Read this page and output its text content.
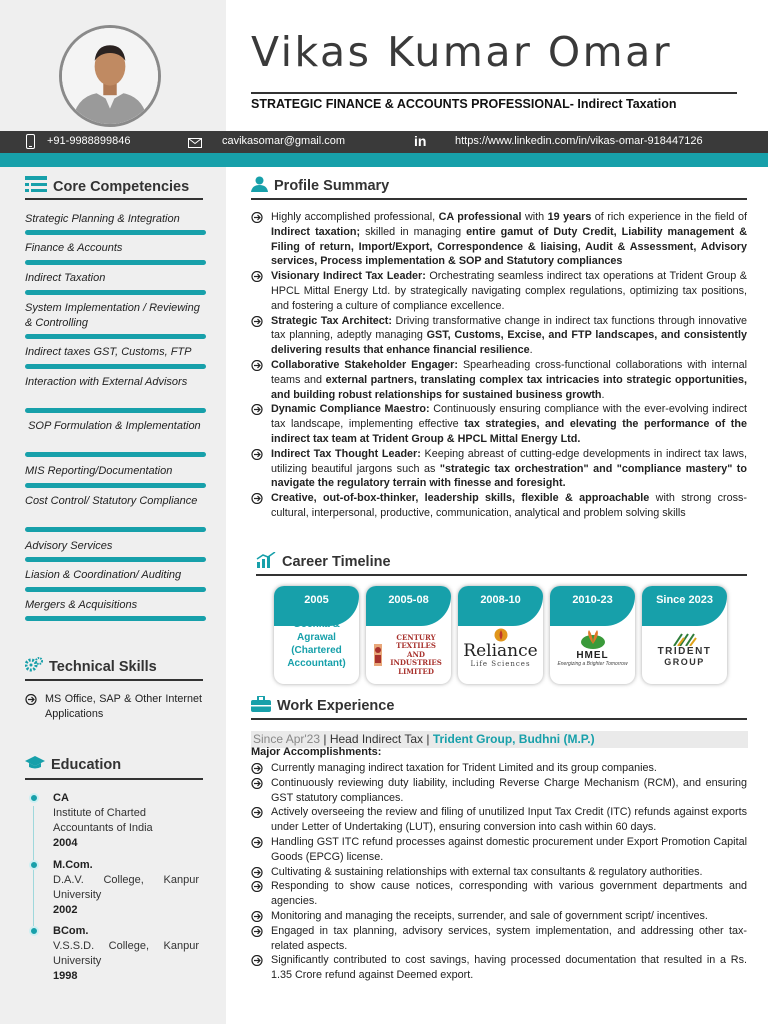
Vikas Kumar Omar
STRATEGIC FINANCE & ACCOUNTS PROFESSIONAL- Indirect Taxation
+91-9988899846	cavikasomar@gmail.com	in	https://www.linkedin.com/in/vikas-omar-918447126
Core Competencies
Strategic Planning & Integration
Finance & Accounts
Indirect Taxation
System Implementation / Reviewing & Controlling
Indirect taxes GST, Customs, FTP
Interaction with External Advisors
SOP Formulation & Implementation
MIS Reporting/Documentation
Cost Control/ Statutory Compliance
Advisory Services
Liasion & Coordination/ Auditing
Mergers & Acquisitions
Technical Skills
MS Office, SAP & Other Internet Applications
Education
CA
Institute of Charted Accountants of India
2004
M.Com.
D.A.V. College, Kanpur University
2002
BCom.
V.S.S.D. College, Kanpur University
1998
Profile Summary
Highly accomplished professional, CA professional with 19 years of rich experience in the field of Indirect taxation; skilled in managing entire gamut of Duty Credit, Liability management & Filing of return, Import/Export, Correspondence & liaising, Audit & Assessment, Advisory services, Process implementation & SOP and Statutory compliances
Visionary Indirect Tax Leader: Orchestrating seamless indirect tax operations at Trident Group & HPCL Mittal Energy Ltd. by strategically navigating complex regulations, optimizing tax positions, and fostering a culture of compliance excellence.
Strategic Tax Architect: Driving transformative change in indirect tax functions through innovative tax planning, adeptly managing GST, Customs, Excise, and FTP landscapes, and consistently delivering results that enhance financial resilience.
Collaborative Stakeholder Engager: Spearheading cross-functional collaborations with internal teams and external partners, translating complex tax intricacies into strategic opportunities, and building robust relationships for sustained business growth.
Dynamic Compliance Maestro: Continuously ensuring compliance with the ever-evolving indirect tax landscape, implementing effective tax strategies, and elevating the performance of the indirect tax team at Trident Group & HPCL Mittal Energy Ltd.
Indirect Tax Thought Leader: Keeping abreast of cutting-edge developments in indirect tax laws, utilizing beautiful jargons such as "strategic tax orchestration" and "compliance mastery" to navigate the regulatory terrain with finesse and foresight.
Creative, out-of-box-thinker, leadership skills, flexible & approachable with strong cross-cultural, interpersonal, productive, communication, analytical and problem solving skills
Career Timeline
2005
Goenka & Agrawal (Chartered Accountant)
2005-08
CENTURY TEXTILES AND INDUSTRIES LIMITED
2008-10
Reliance
Life Sciences
2010-23
HMEL
Energizing a Brighter Tomorrow
Since 2023
TRIDENT
GROUP
Work Experience
Since Apr'23 | Head Indirect Tax | Trident Group, Budhni (M.P.)
Major Accomplishments:
Currently managing indirect taxation for Trident Limited and its group companies.
Continuously reviewing duty liability, including Reverse Charge Mechanism (RCM), and ensuring GST statutory compliances.
Actively overseeing the review and filing of unutilized Input Tax Credit (ITC) refunds against exports under Letter of Undertaking (LUT), ensuring conversion into cash within 60 days.
Handling GST ITC refund processes against domestic procurement under Export Promotion Capital Goods (EPCG) license.
Cultivating & sustaining relationships with external tax consultants & regulatory authorities.
Responding to show cause notices, corresponding with various government departments and agencies.
Monitoring and managing the receipts, surrender, and sale of government script/ incentives.
Engaged in tax planning, advisory services, system implementation, and addressing other tax-related aspects.
Significantly contributed to cost savings, having processed documentation that resulted in a Rs. 1.35 Crore refund against Deemed export.
